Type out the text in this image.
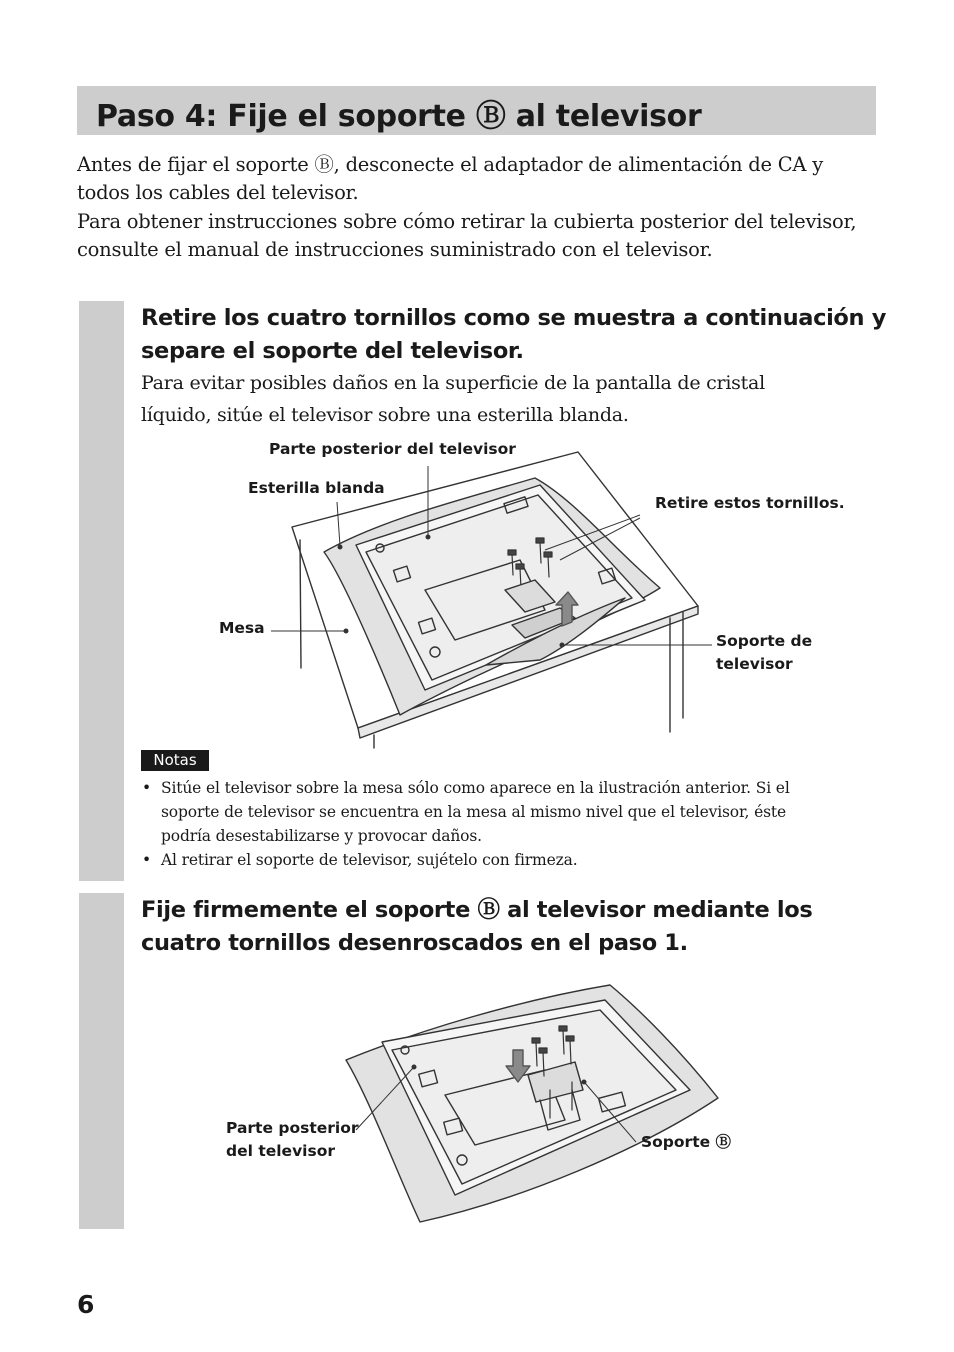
Paso 4: Fije el soporte Ⓑ al televisor
Antes de fijar el soporte Ⓑ, desconecte el adaptador de alimentación de CA y
todos los cables del televisor.
Para obtener instrucciones sobre cómo retirar la cubierta posterior del televisor,
consulte el manual de instrucciones suministrado con el televisor.
Retire los cuatro tornillos como se muestra a continuación y
separe el soporte del televisor.
Para evitar posibles daños en la superficie de la pantalla de cristal
líquido, sitúe el televisor sobre una esterilla blanda.
Parte posterior del televisor
Esterilla blanda
Retire estos tornillos.
Mesa
Soporte de
televisor
Notas
• Sitúe el televisor sobre la mesa sólo como aparece en la ilustración anterior. Si el
soporte de televisor se encuentra en la mesa al mismo nivel que el televisor, éste
podría desestabilizarse y provocar daños.
• Al retirar el soporte de televisor, sujételo con firmeza.
Fije firmemente el soporte Ⓑ al televisor mediante los
cuatro tornillos desenroscados en el paso 1.
Parte posterior
del televisor	Soporte Ⓑ
6
